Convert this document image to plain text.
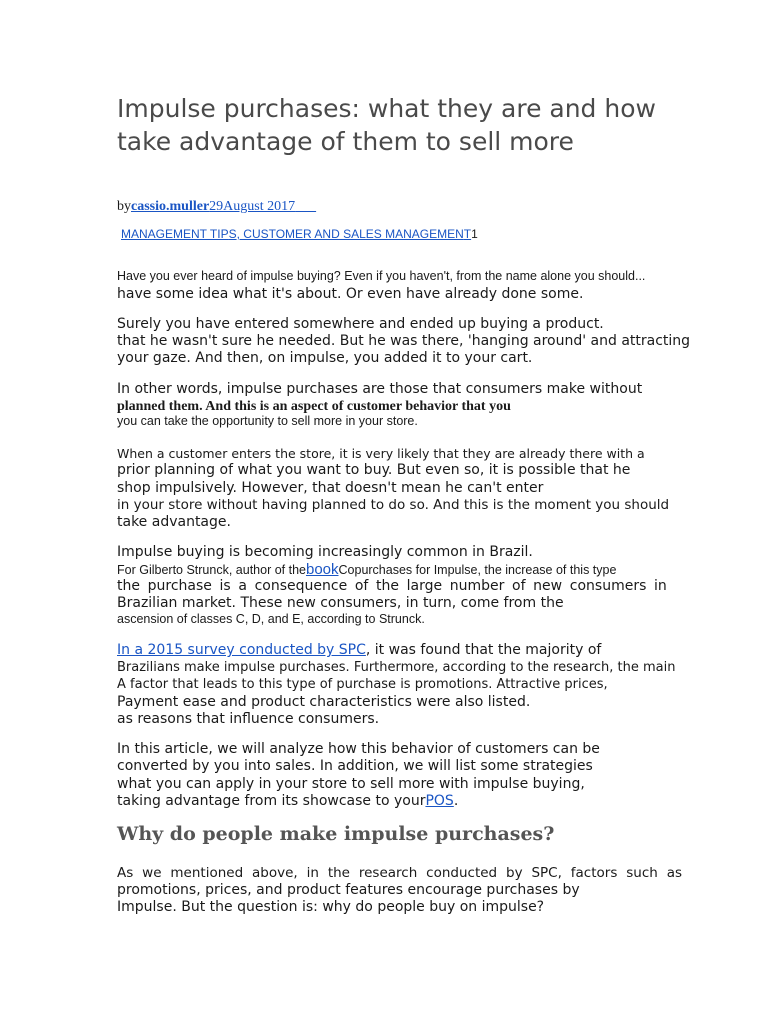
Impulse purchases: what they are and how take advantage of them to sell more
bycassio.muller29August 2017
MANAGEMENT TIPS, CUSTOMER AND SALES MANAGEMENT1
Have you ever heard of impulse buying? Even if you haven't, from the name alone you should...
have some idea what it's about. Or even have already done some.
Surely you have entered somewhere and ended up buying a product.
that he wasn't sure he needed. But he was there, 'hanging around' and attracting
your gaze. And then, on impulse, you added it to your cart.
In other words, impulse purchases are those that consumers make without
planned them. And this is an aspect of customer behavior that you
you can take the opportunity to sell more in your store.
When a customer enters the store, it is very likely that they are already there with a
prior planning of what you want to buy. But even so, it is possible that he
shop impulsively. However, that doesn't mean he can't enter
in your store without having planned to do so. And this is the moment you should
take advantage.
Impulse buying is becoming increasingly common in Brazil.
For Gilberto Strunck, author of thebookCopurchases for Impulse, the increase of this type
the purchase is a consequence of the large number of new consumers in
Brazilian market. These new consumers, in turn, come from the
ascension of classes C, D, and E, according to Strunck.
In a 2015 survey conducted by SPC, it was found that the majority of
Brazilians make impulse purchases. Furthermore, according to the research, the main
A factor that leads to this type of purchase is promotions. Attractive prices,
Payment ease and product characteristics were also listed.
as reasons that influence consumers.
In this article, we will analyze how this behavior of customers can be
converted by you into sales. In addition, we will list some strategies
what you can apply in your store to sell more with impulse buying,
taking advantage from its showcase to yourPOS.
Why do people make impulse purchases?
As we mentioned above, in the research conducted by SPC, factors such as
promotions, prices, and product features encourage purchases by
Impulse. But the question is: why do people buy on impulse?
